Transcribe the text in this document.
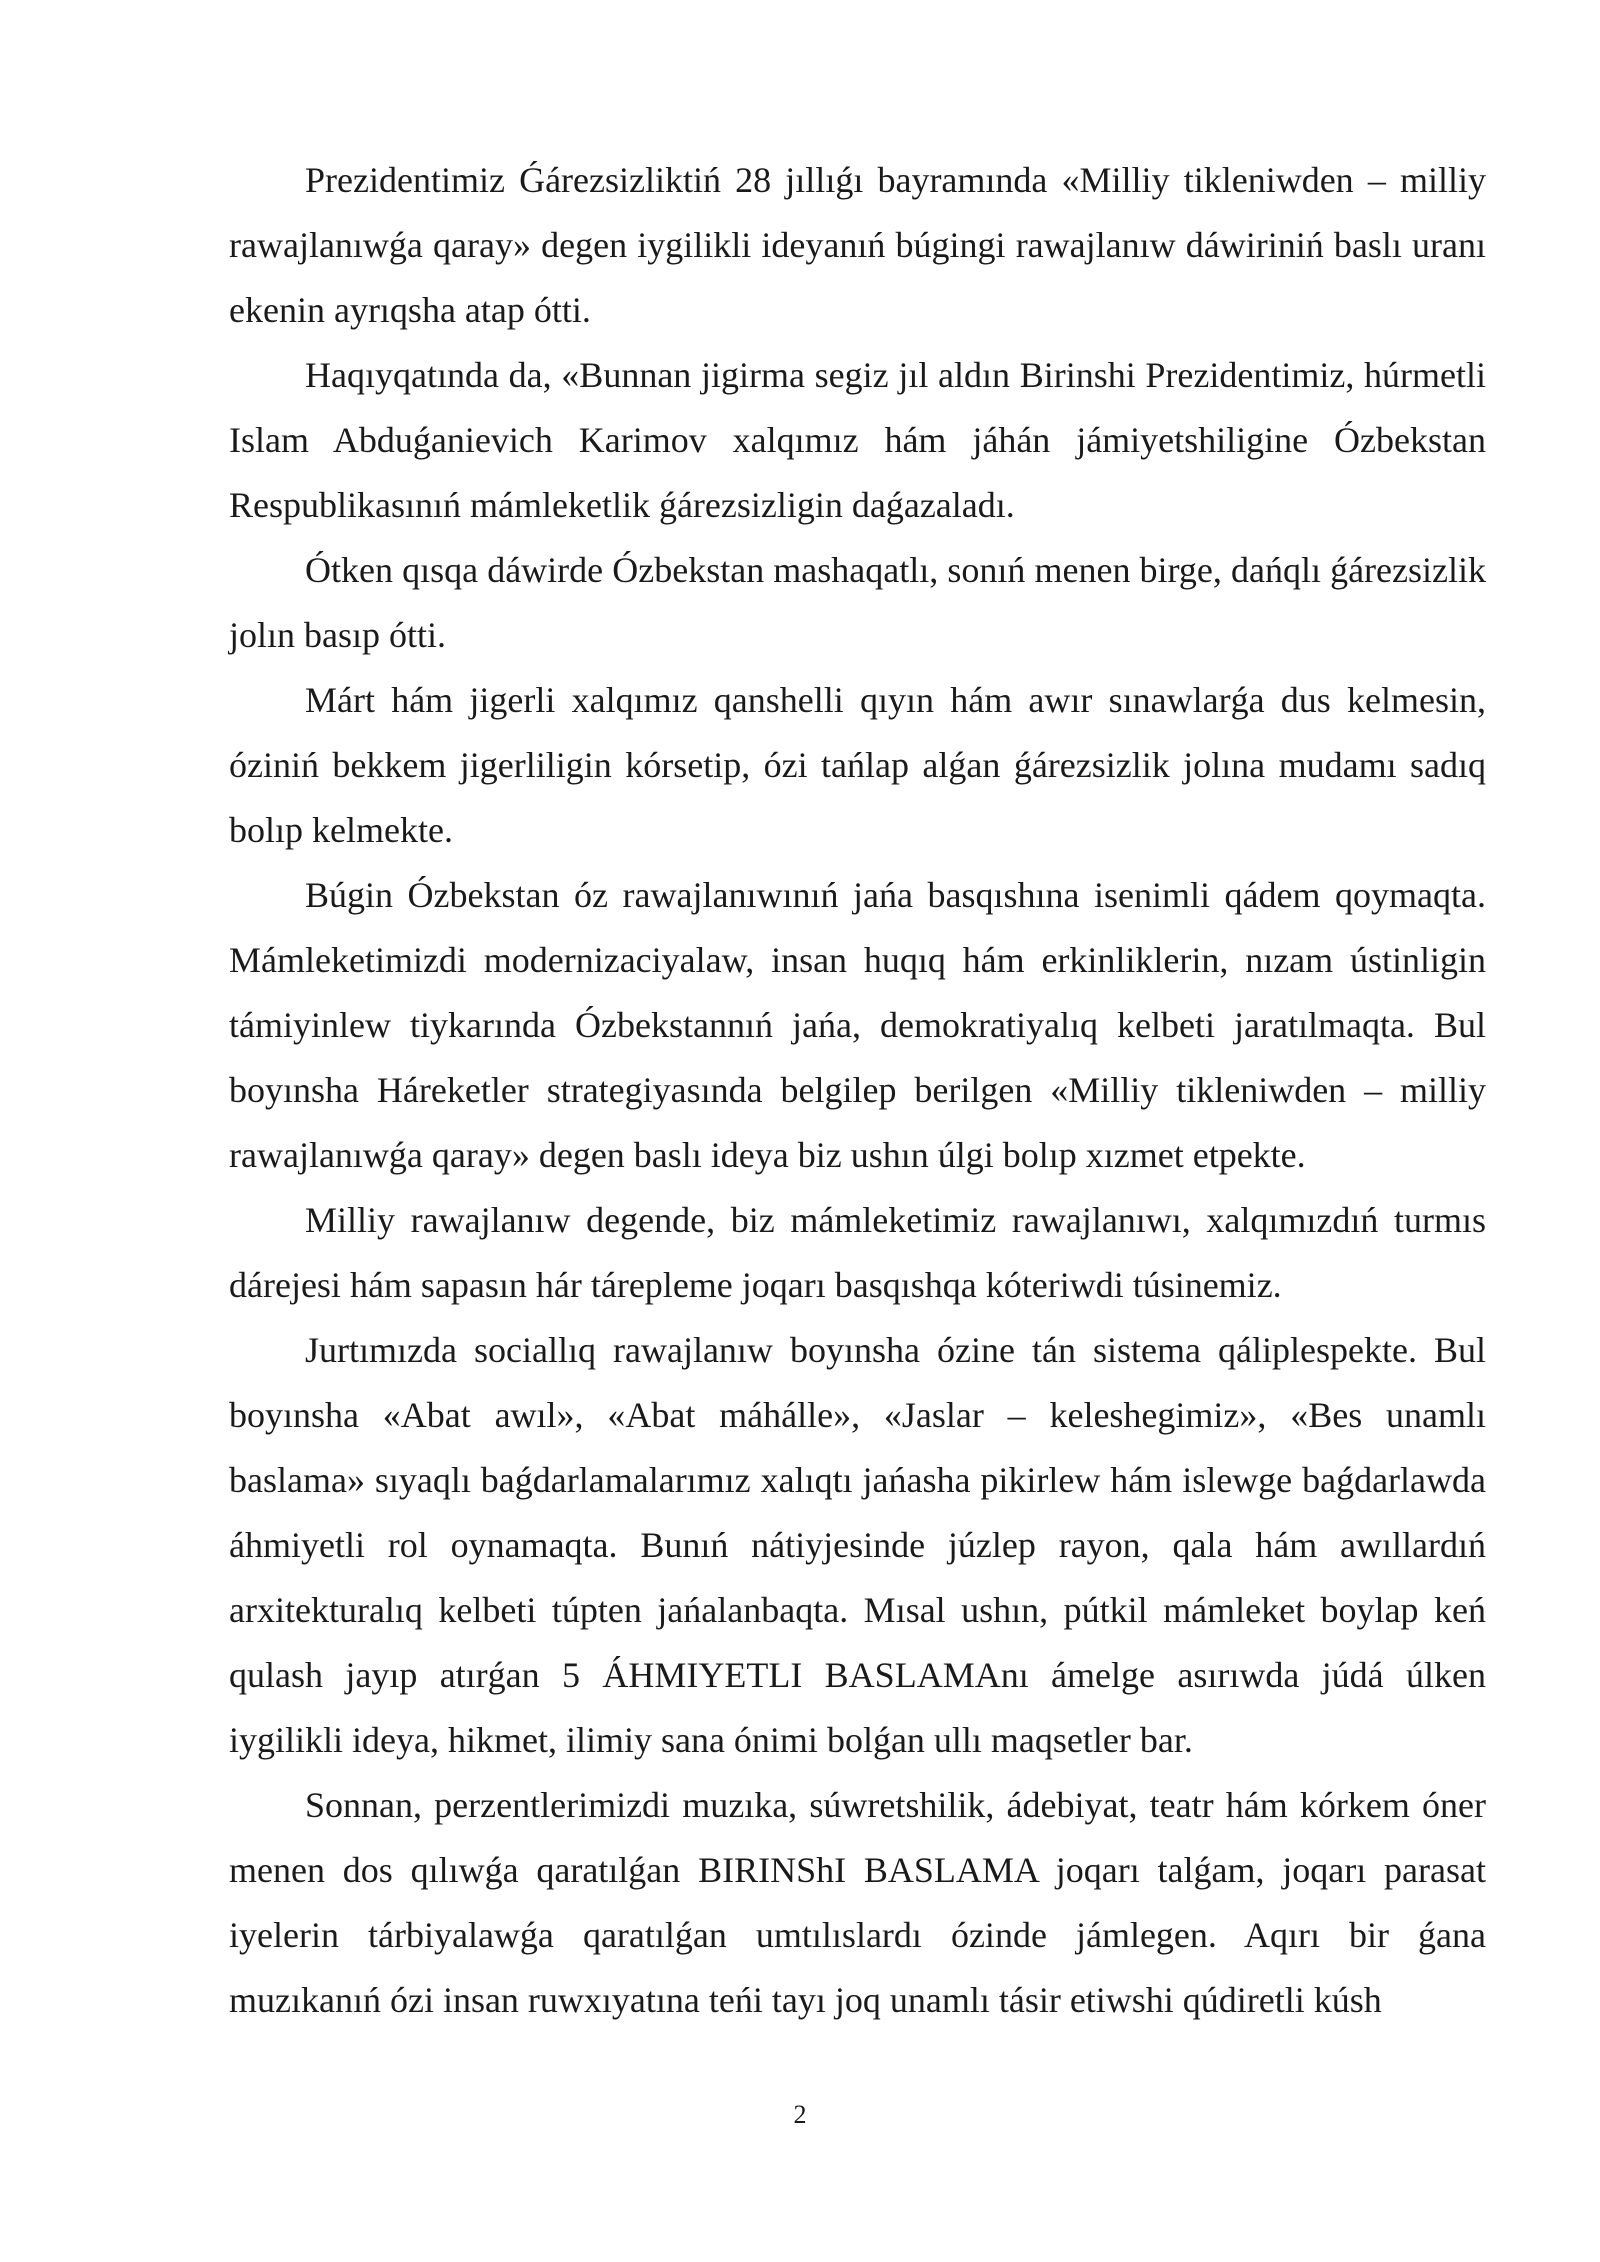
Prezidentimiz Ǵárezsizliktiń 28 jıllıǵı bayramında «Milliy tikleniwden – milliy rawajlanıwǵa qaray» degen iygilikli ideyanıń búgingi rawajlanıw dáwiriniń baslı uranı ekenin ayrıqsha atap ótti.

Haqıyqatında da, «Bunnan jigirma segiz jıl aldın Birinshi Prezidentimiz, húrmetli Islam Abduǵanievich Karimov xalqımız hám jáhán jámiyetshiligine Ózbekstan Respublikasınıń mámleketlik ǵárezsizligin daǵazaladı.

Ótken qısqa dáwirde Ózbekstan mashaqatlı, sonıń menen birge, dańqlı ǵárezsizlik jolın basıp ótti.

Márt hám jigerli xalqımız qanshelli qıyın hám awır sınawlarǵa dus kelmesin, óziniń bekkem jigerliligin kórsetip, ózi tańlap alǵan ǵárezsizlik jolına mudamı sadıq bolıp kelmekte.

Búgin Ózbekstan óz rawajlanıwınıń jańa basqıshına isenimli qádem qoymaqta. Mámleketimizdi modernizaciyalaw, insan huqıq hám erkinliklerin, nızam ústinligin támiyinlew tiykarında Ózbekstannıń jańa, demokratiyalıq kelbeti jaratılmaqta. Bul boyınsha Háreketler strategiyasında belgilep berilgen «Milliy tikleniwden – milliy rawajlanıwǵa qaray» degen baslı ideya biz ushın úlgi bolıp xızmet etpekte.

Milliy rawajlanıw degende, biz mámleketimiz rawajlanıwı, xalqımızdıń turmıs dárejesi hám sapasın hár tárepleme joqarı basqıshqa kóteriwdi túsinemiz.

Jurtımızda sociallıq rawajlanıw boyınsha ózine tán sistema qáliplespekte. Bul boyınsha «Abat awıl», «Abat máhálle», «Jaslar – keleshegimiz», «Bes unamlı baslama» sıyaqlı baǵdarlamalarımız xalıqtı jańasha pikirlew hám islewge baǵdarlawda áhmiyetli rol oynamaqta. Bunıń nátiyjesinde júzlep rayon, qala hám awıllardıń arxitekturalıq kelbeti túpten jańalanbaqta. Mısal ushın, pútkil mámleket boylap keń qulash jayıp atırǵan 5 ÁHMIYETLI BASLAMAnı ámelge asırıwda júdá úlken iygilikli ideya, hikmet, ilimiy sana ónimi bolǵan ullı maqsetler bar.

Sonnan, perzentlerimizdi muzıka, súwretshilik, ádebiyat, teatr hám kórkem óner menen dos qılıwǵa qaratılǵan BIRINShI BASLAMA joqarı talǵam, joqarı parasat iyelerin tárbiyalawǵa qaratılǵan umtılıslardı ózinde jámlegen. Aqırı bir ǵana muzıkanıń ózi insan ruwxıyatına teńi tayı joq unamlı tásir etiwshi qúdiretli kúsh

2
